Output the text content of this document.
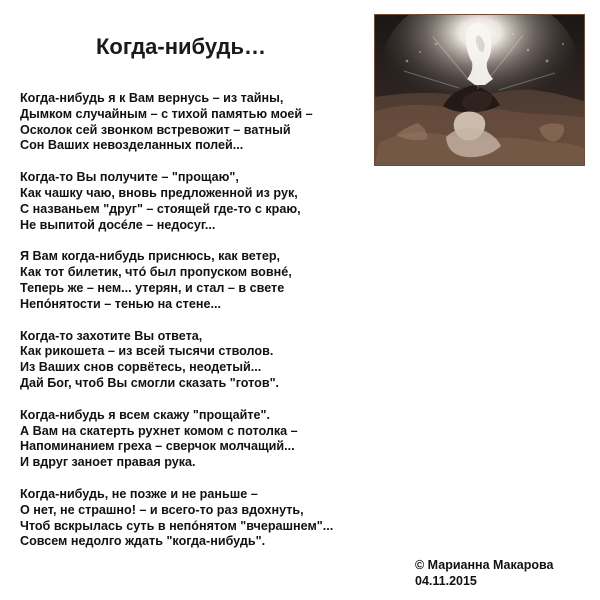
Когда-нибудь…
Когда-нибудь я к Вам вернусь – из тайны,
Дымком случайным – с тихой памятью моей –
Осколок сей звонком встревожит – ватный
Сон Ваших невозделанных полей...
Когда-то Вы получите – "прощаю",
Как чашку чаю, вновь предложенной из рук,
С названьем "друг" – стоящей где-то с краю,
Не выпитой досéле – недосуг...
Я Вам когда-нибудь приснюсь, как ветер,
Как тот билетик, чтó был пропуском вовнé,
Теперь же – нем... утерян, и стал – в свете
Непóнятости – тенью на стене...
Когда-то захотите Вы ответа,
Как рикошета – из всей тысячи стволов.
Из Ваших снов сорвётесь, неодетый...
Дай Бог, чтоб Вы смогли сказать "готов".
Когда-нибудь я всем скажу "прощайте".
А Вам на скатерть рухнет комом с потолка –
Напоминанием греха – сверчок молчащий...
И вдруг заноет правая рука.
Когда-нибудь, не позже и не раньше –
О нет, не страшно! – и всего-то раз вдохнуть,
Чтоб вскрылась суть в непóнятом "вчерашнем"...
Совсем недолго ждать "когда-нибудь".
© Марианна Макарова
04.11.2015
